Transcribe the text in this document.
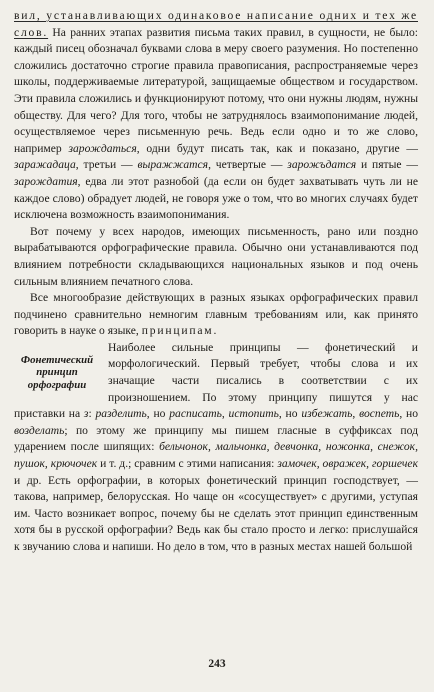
вил, устанавливающих одинаковое написание одних и тех же слов. На ранних этапах развития письма таких правил, в сущности, не было: каждый писец обозначал буквами слова в меру своего разумения. Но постепенно сложились достаточно строгие правила правописания, распространяемые через школы, поддерживаемые литературой, защищаемые обществом и государством. Эти правила сложились и функционируют потому, что они нужны людям, нужны обществу. Для чего? Для того, чтобы не затруднялось взаимопонимание людей, осуществляемое через письменную речь. Ведь если одно и то же слово, например зарождаться, одни будут писать так, как и показано, другие — заражадаца, третьи — выражжатся, четвертые — зарожъдатся и пятые — зарождатия, едва ли этот разнобой (да если он будет захватывать чуть ли не каждое слово) обрадует людей, не говоря уже о том, что во многих случаях будет исключена возможность взаимопонимания.

Вот почему у всех народов, имеющих письменность, рано или поздно вырабатываются орфографические правила. Обычно они устанавливаются под влиянием потребности складывающихся национальных языков и под очень сильным влиянием печатного слова.

Все многообразие действующих в разных языках орфографических правил подчинено сравнительно немногим главным требованиям или, как принято говорить в науке о языке, принципам.

Фонетический принцип орфографии

Наиболее сильные принципы — фонетический и морфологический. Первый требует, чтобы слова и их значащие части писались в соответствии с их произношением. По этому принципу пишутся у нас приставки на з: разделить, но расписать, истопить, но избежать, воспеть, но возделать; по этому же принципу мы пишем гласные в суффиксах под ударением после шипящих: бельчонок, мальчонка, девчонка, ножонка, снежок, пушок, крючочек и т. д.; сравним с этими написания: замочек, овражек, горшечек и др. Есть орфографии, в которых фонетический принцип господствует, — такова, например, белорусская. Но чаще он «сосуществует» с другими, уступая им. Часто возникает вопрос, почему бы не сделать этот принцип единственным хотя бы в русской орфографии? Ведь как бы стало просто и легко: прислушайся к звучанию слова и напиши. Но дело в том, что в разных местах нашей большой

243
